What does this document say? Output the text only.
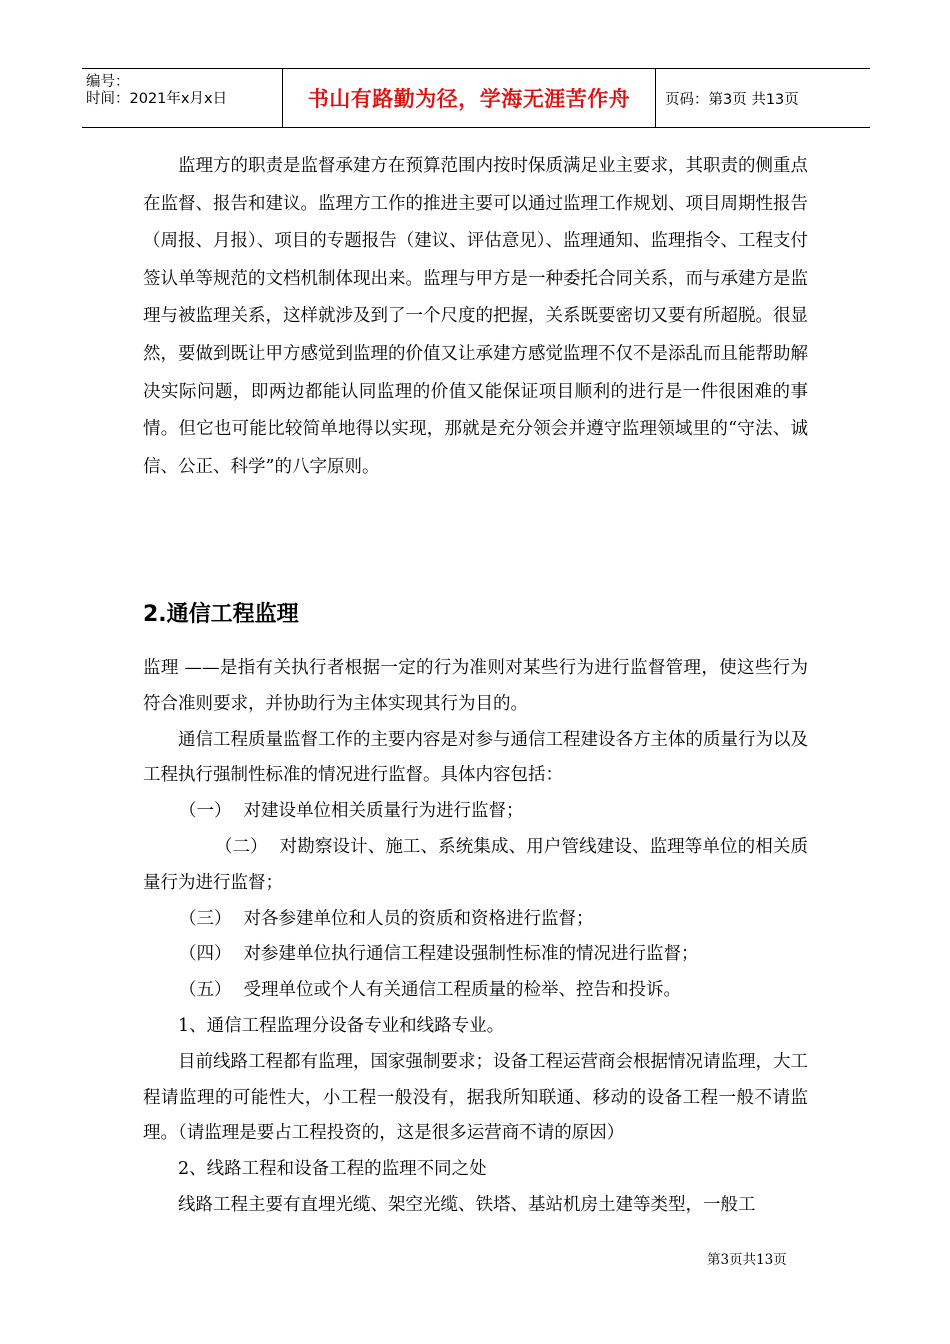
编号：
时间：2021年x月x日	书山有路勤为径，学海无涯苦作舟	页码：第3页 共13页

监理方的职责是监督承建方在预算范围内按时保质满足业主要求，其职责的侧重点在监督、报告和建议。监理方工作的推进主要可以通过监理工作规划、项目周期性报告（周报、月报）、项目的专题报告（建议、评估意见）、监理通知、监理指令、工程支付签认单等规范的文档机制体现出来。监理与甲方是一种委托合同关系，而与承建方是监理与被监理关系，这样就涉及到了一个尺度的把握，关系既要密切又要有所超脱。很显然，要做到既让甲方感觉到监理的价值又让承建方感觉监理不仅不是添乱而且能帮助解决实际问题，即两边都能认同监理的价值又能保证项目顺利的进行是一件很困难的事情。但它也可能比较简单地得以实现，那就是充分领会并遵守监理领域里的“守法、诚信、公正、科学”的八字原则。

2.通信工程监理

监理 ——是指有关执行者根据一定的行为准则对某些行为进行监督管理，使这些行为符合准则要求，并协助行为主体实现其行为目的。

通信工程质量监督工作的主要内容是对参与通信工程建设各方主体的质量行为以及工程执行强制性标准的情况进行监督。具体内容包括：

（一） 对建设单位相关质量行为进行监督；

（二） 对勘察设计、施工、系统集成、用户管线建设、监理等单位的相关质量行为进行监督；

（三） 对各参建单位和人员的资质和资格进行监督；

（四） 对参建单位执行通信工程建设强制性标准的情况进行监督；

（五） 受理单位或个人有关通信工程质量的检举、控告和投诉。

1、通信工程监理分设备专业和线路专业。

目前线路工程都有监理，国家强制要求；设备工程运营商会根据情况请监理，大工程请监理的可能性大，小工程一般没有，据我所知联通、移动的设备工程一般不请监理。（请监理是要占工程投资的，这是很多运营商不请的原因）

2、线路工程和设备工程的监理不同之处

线路工程主要有直埋光缆、架空光缆、铁塔、基站机房土建等类型，一般工

第3页共13页
